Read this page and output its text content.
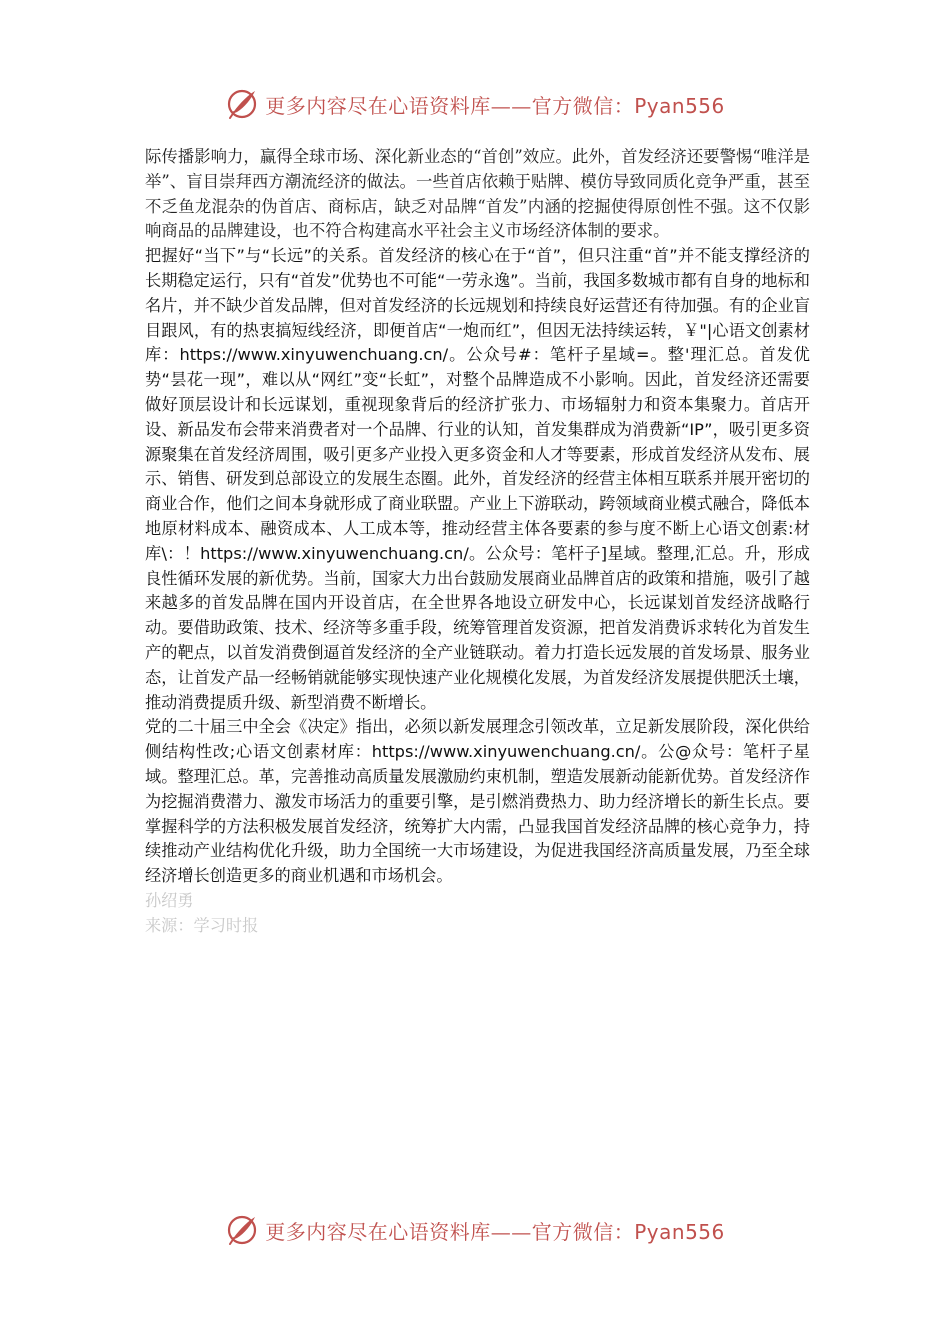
更多内容尽在心语资料库——官方微信：Pyan556

际传播影响力，赢得全球市场、深化新业态的“首创”效应。此外，首发经济还要警惕“唯洋是举”、盲目崇拜西方潮流经济的做法。一些首店依赖于贴牌、模仿导致同质化竞争严重，甚至不乏鱼龙混杂的伪首店、商标店，缺乏对品牌“首发”内涵的挖掘使得原创性不强。这不仅影响商品的品牌建设，也不符合构建高水平社会主义市场经济体制的要求。

把握好“当下”与“长远”的关系。首发经济的核心在于“首”，但只注重“首”并不能支撑经济的长期稳定运行，只有“首发”优势也不可能“一劳永逸”。当前，我国多数城市都有自身的地标和名片，并不缺少首发品牌，但对首发经济的长远规划和持续良好运营还有待加强。有的企业盲目跟风，有的热衷搞短线经济，即便首店“一炮而红”，但因无法持续运转，￥"|心语文创素材库：https://www.xinyuwenchuang.cn/。公众号#：笔杆子星域=。整'理汇总。首发优势“昙花一现”，难以从“网红”变“长虹”，对整个品牌造成不小影响。因此，首发经济还需要做好顶层设计和长远谋划，重视现象背后的经济扩张力、市场辐射力和资本集聚力。首店开设、新品发布会带来消费者对一个品牌、行业的认知，首发集群成为消费新“IP”，吸引更多资源聚集在首发经济周围，吸引更多产业投入更多资金和人才等要素，形成首发经济从发布、展示、销售、研发到总部设立的发展生态圈。此外，首发经济的经营主体相互联系并展开密切的商业合作，他们之间本身就形成了商业联盟。产业上下游联动，跨领域商业模式融合，降低本地原材料成本、融资成本、人工成本等，推动经营主体各要素的参与度不断上心语文创素:材库\：！https://www.xinyuwenchuang.cn/。公众号：笔杆子]星域。整理,汇总。升，形成良性循环发展的新优势。当前，国家大力出台鼓励发展商业品牌首店的政策和措施，吸引了越来越多的首发品牌在国内开设首店，在全世界各地设立研发中心，长远谋划首发经济战略行动。要借助政策、技术、经济等多重手段，统筹管理首发资源，把首发消费诉求转化为首发生产的靶点，以首发消费倒逼首发经济的全产业链联动。着力打造长远发展的首发场景、服务业态，让首发产品一经畅销就能够实现快速产业化规模化发展，为首发经济发展提供肥沃土壤，推动消费提质升级、新型消费不断增长。

党的二十届三中全会《决定》指出，必须以新发展理念引领改革，立足新发展阶段，深化供给侧结构性改;心语文创素材库：https://www.xinyuwenchuang.cn/。公@众号：笔杆子星域。整理汇总。革，完善推动高质量发展激励约束机制，塑造发展新动能新优势。首发经济作为挖掘消费潜力、激发市场活力的重要引擎，是引燃消费热力、助力经济增长的新生长点。要掌握科学的方法积极发展首发经济，统筹扩大内需，凸显我国首发经济品牌的核心竞争力，持续推动产业结构优化升级，助力全国统一大市场建设，为促进我国经济高质量发展，乃至全球经济增长创造更多的商业机遇和市场机会。

孙绍勇

来源：学习时报

更多内容尽在心语资料库——官方微信：Pyan556
